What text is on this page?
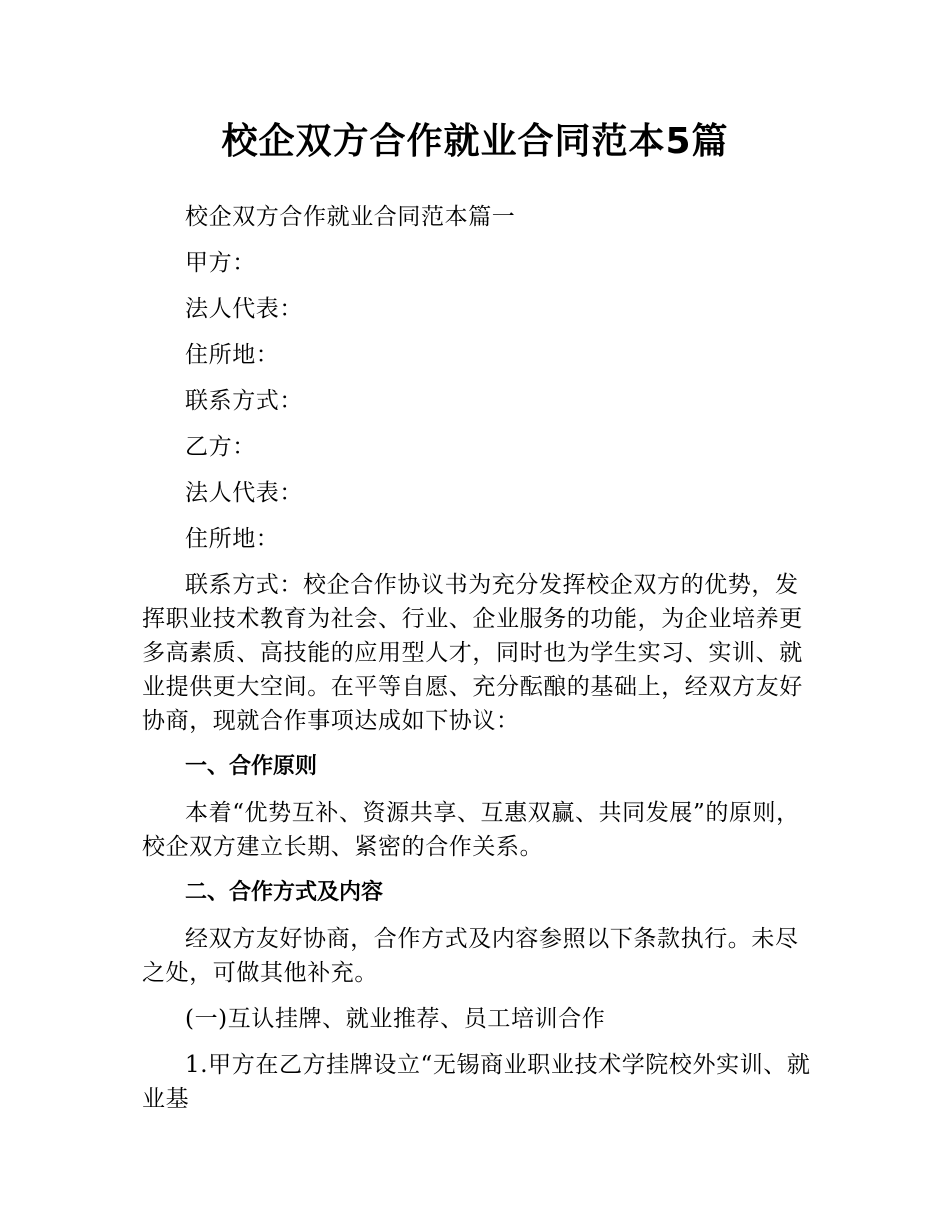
校企双方合作就业合同范本5篇

校企双方合作就业合同范本篇一

甲方：

法人代表：

住所地：

联系方式：

乙方：

法人代表：

住所地：

联系方式：校企合作协议书为充分发挥校企双方的优势，发挥职业技术教育为社会、行业、企业服务的功能，为企业培养更多高素质、高技能的应用型人才，同时也为学生实习、实训、就业提供更大空间。在平等自愿、充分酝酿的基础上，经双方友好协商，现就合作事项达成如下协议：

一、合作原则

本着“优势互补、资源共享、互惠双赢、共同发展”的原则，校企双方建立长期、紧密的合作关系。

二、合作方式及内容

经双方友好协商，合作方式及内容参照以下条款执行。未尽之处，可做其他补充。

(一)互认挂牌、就业推荐、员工培训合作

1.甲方在乙方挂牌设立“无锡商业职业技术学院校外实训、就业基
